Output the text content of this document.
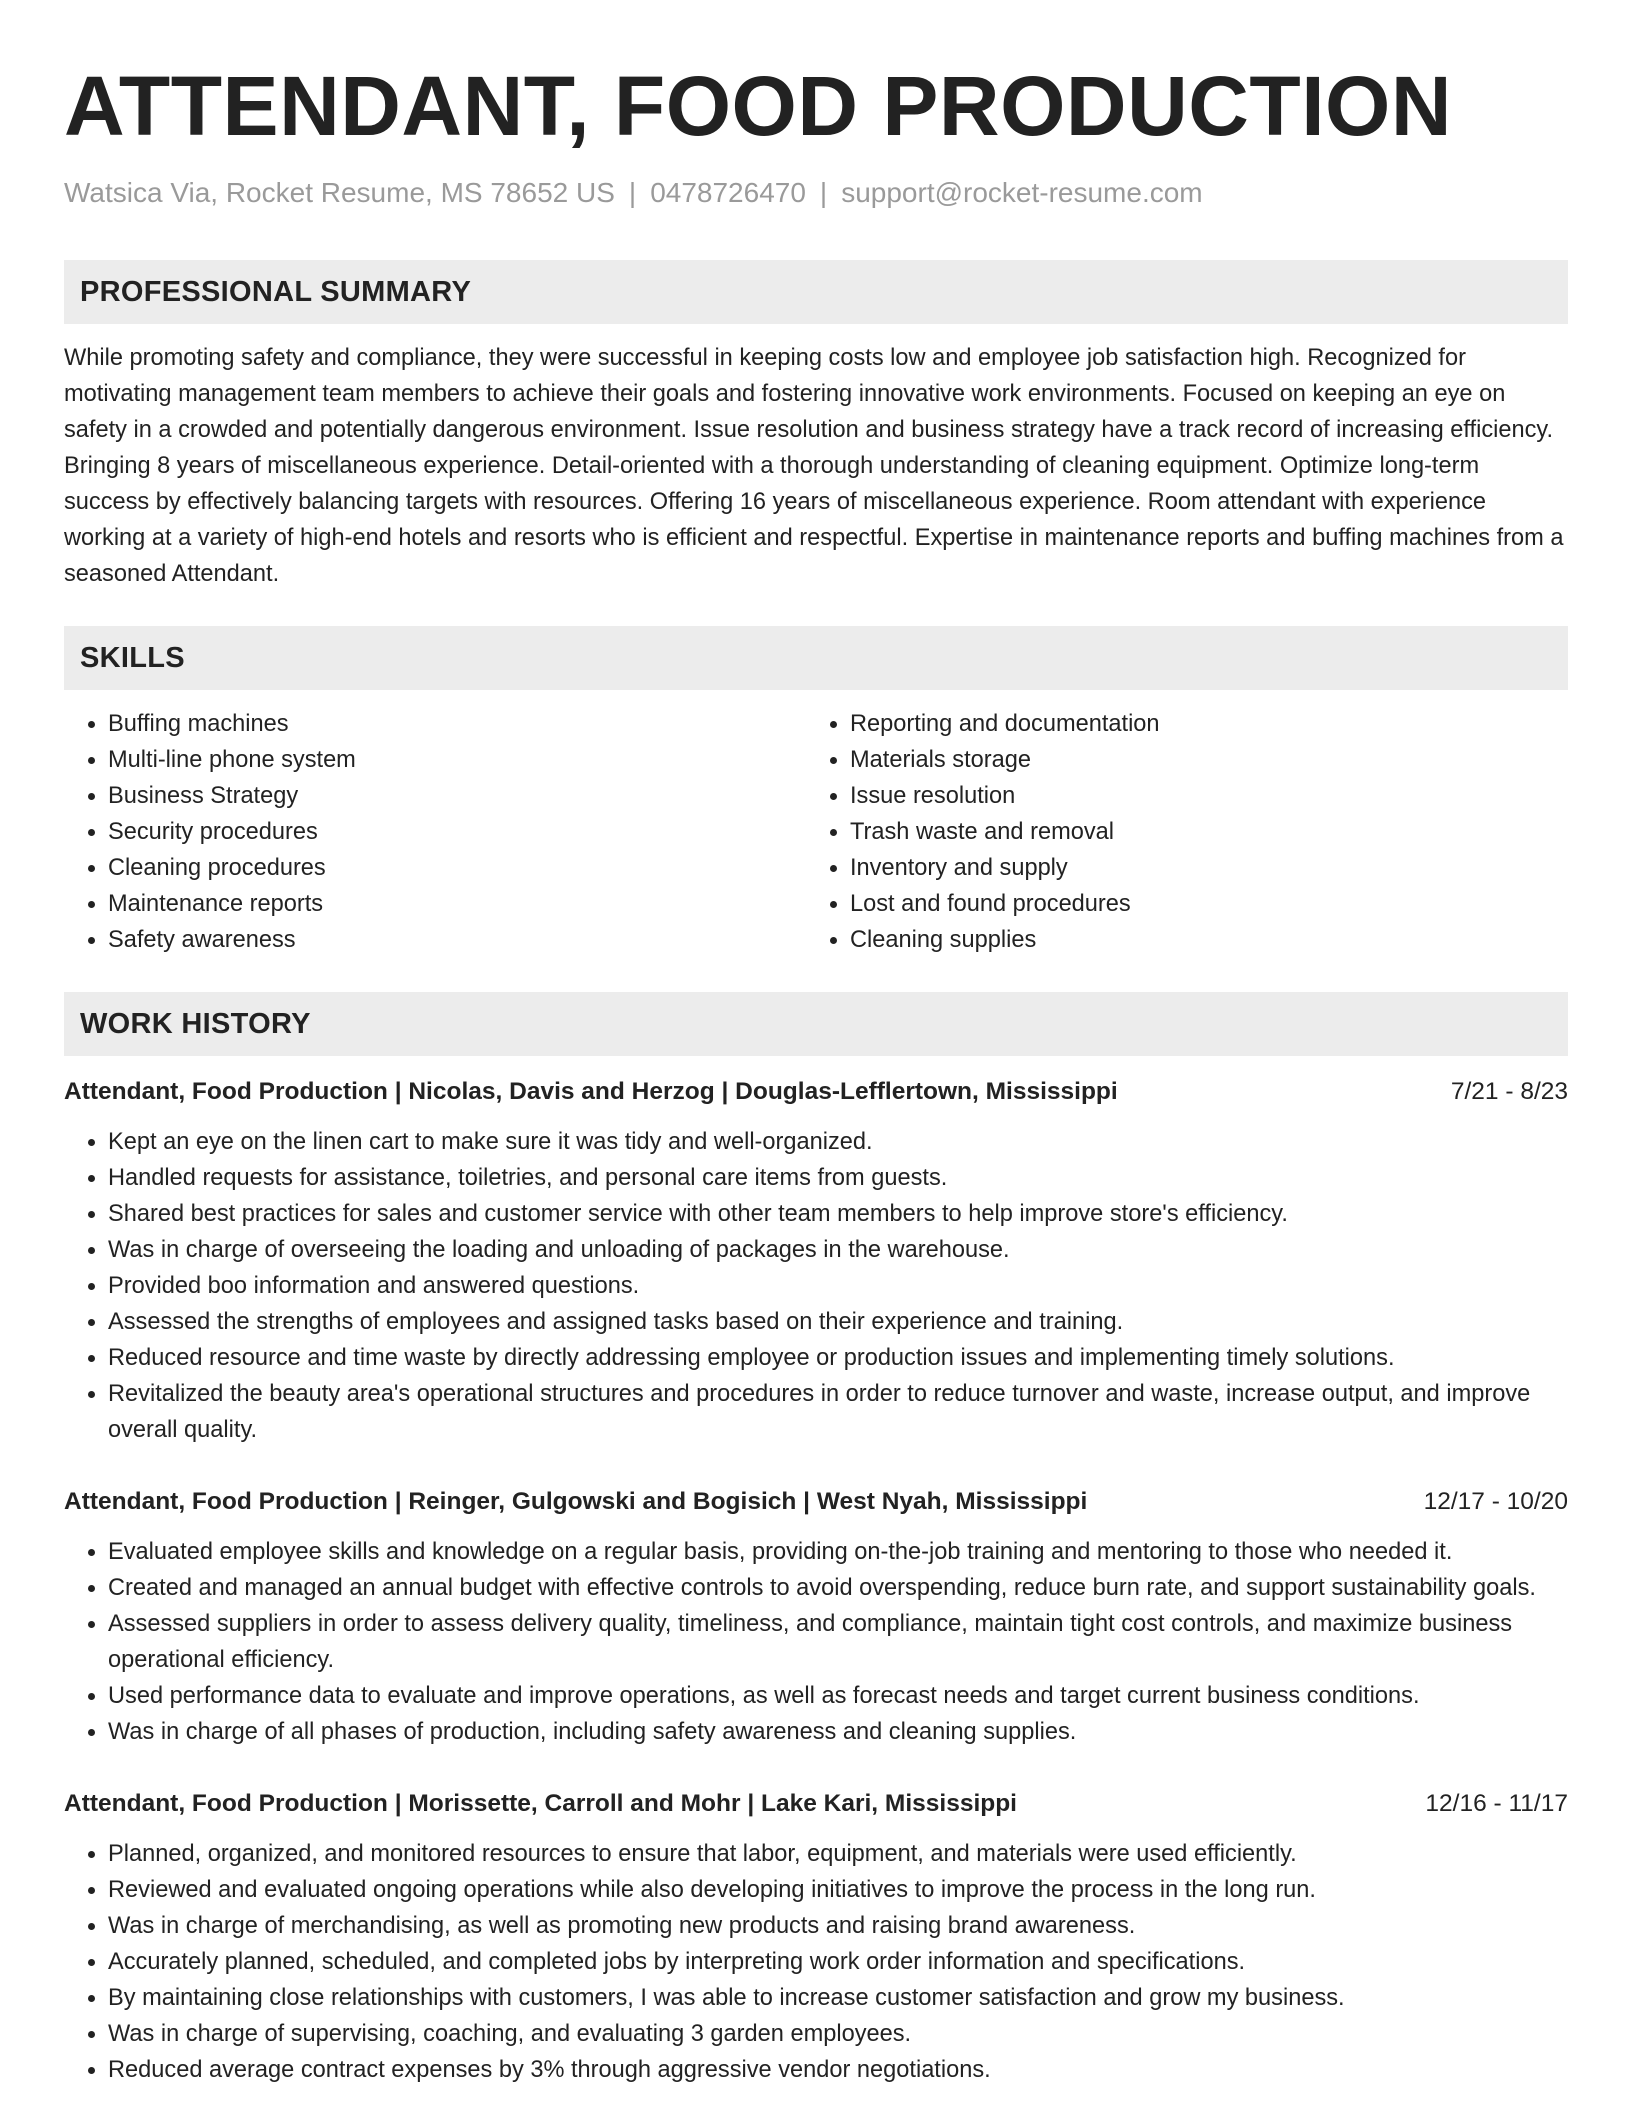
ATTENDANT, FOOD PRODUCTION
Watsica Via, Rocket Resume, MS 78652 US | 0478726470 | support@rocket-resume.com
PROFESSIONAL SUMMARY

While promoting safety and compliance, they were successful in keeping costs low and employee job satisfaction high. Recognized for motivating management team members to achieve their goals and fostering innovative work environments. Focused on keeping an eye on safety in a crowded and potentially dangerous environment. Issue resolution and business strategy have a track record of increasing efficiency. Bringing 8 years of miscellaneous experience. Detail-oriented with a thorough understanding of cleaning equipment. Optimize long-term success by effectively balancing targets with resources. Offering 16 years of miscellaneous experience. Room attendant with experience working at a variety of high-end hotels and resorts who is efficient and respectful. Expertise in maintenance reports and buffing machines from a seasoned Attendant.

SKILLS
• Buffing machines
• Multi-line phone system
• Business Strategy
• Security procedures
• Cleaning procedures
• Maintenance reports
• Safety awareness
• Reporting and documentation
• Materials storage
• Issue resolution
• Trash waste and removal
• Inventory and supply
• Lost and found procedures
• Cleaning supplies
WORK HISTORY
Attendant, Food Production | Nicolas, Davis and Herzog | Douglas-Lefflertown, Mississippi	7/21 - 8/23
• Kept an eye on the linen cart to make sure it was tidy and well-organized.
• Handled requests for assistance, toiletries, and personal care items from guests.
• Shared best practices for sales and customer service with other team members to help improve store's efficiency.
• Was in charge of overseeing the loading and unloading of packages in the warehouse.
• Provided boo information and answered questions.
• Assessed the strengths of employees and assigned tasks based on their experience and training.
• Reduced resource and time waste by directly addressing employee or production issues and implementing timely solutions.
• Revitalized the beauty area's operational structures and procedures in order to reduce turnover and waste, increase output, and improve overall quality.
Attendant, Food Production | Reinger, Gulgowski and Bogisich | West Nyah, Mississippi	12/17 - 10/20
• Evaluated employee skills and knowledge on a regular basis, providing on-the-job training and mentoring to those who needed it.
• Created and managed an annual budget with effective controls to avoid overspending, reduce burn rate, and support sustainability goals.
• Assessed suppliers in order to assess delivery quality, timeliness, and compliance, maintain tight cost controls, and maximize business operational efficiency.
• Used performance data to evaluate and improve operations, as well as forecast needs and target current business conditions.
• Was in charge of all phases of production, including safety awareness and cleaning supplies.
Attendant, Food Production | Morissette, Carroll and Mohr | Lake Kari, Mississippi	12/16 - 11/17
• Planned, organized, and monitored resources to ensure that labor, equipment, and materials were used efficiently.
• Reviewed and evaluated ongoing operations while also developing initiatives to improve the process in the long run.
• Was in charge of merchandising, as well as promoting new products and raising brand awareness.
• Accurately planned, scheduled, and completed jobs by interpreting work order information and specifications.
• By maintaining close relationships with customers, I was able to increase customer satisfaction and grow my business.
• Was in charge of supervising, coaching, and evaluating 3 garden employees.
• Reduced average contract expenses by 3% through aggressive vendor negotiations.
